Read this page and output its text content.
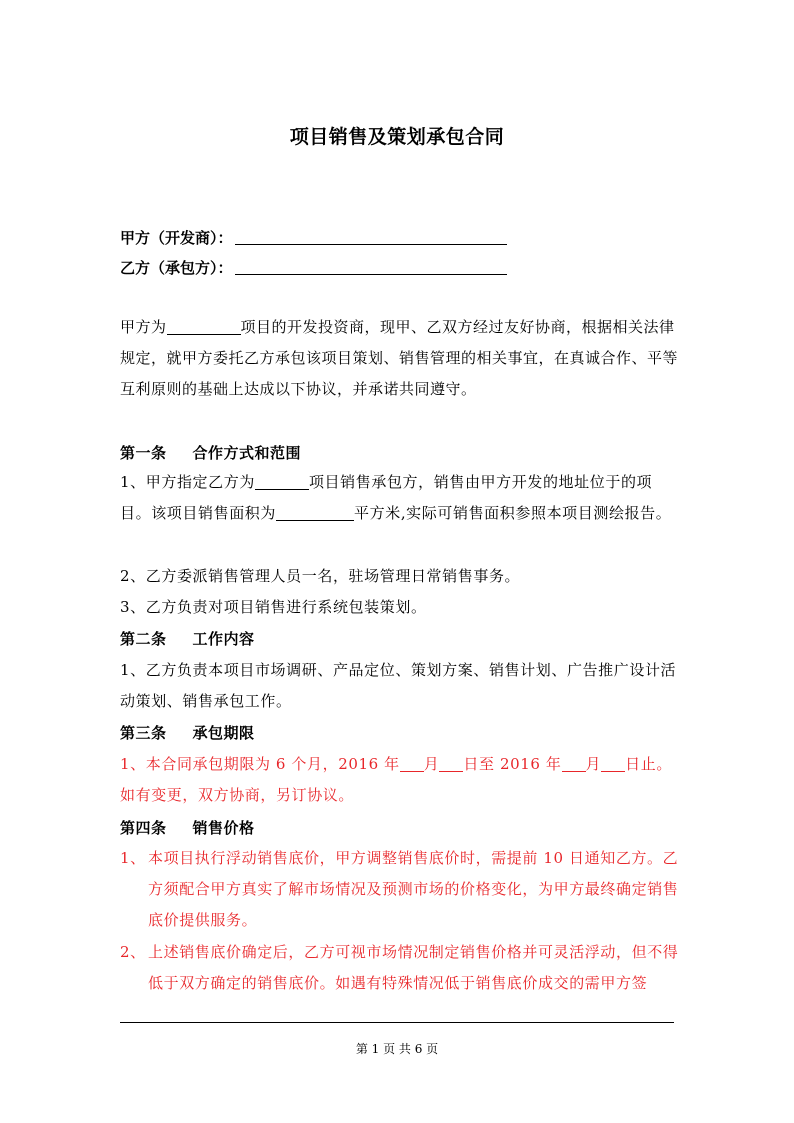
项目销售及策划承包合同
甲方（开发商）：
乙方（承包方）：
甲方为	项目的开发投资商，现甲、乙双方经过友好协商，根据相关法律规定，就甲方委托乙方承包该项目策划、销售管理的相关事宜，在真诚合作、平等互利原则的基础上达成以下协议，并承诺共同遵守。
第一条 合作方式和范围
1、甲方指定乙方为	项目销售承包方，销售由甲方开发的地址位于的项目。该项目销售面积为	平方米,实际可销售面积参照本项目测绘报告。
2、乙方委派销售管理人员一名，驻场管理日常销售事务。
3、乙方负责对项目销售进行系统包装策划。
第二条 工作内容
1、乙方负责本项目市场调研、产品定位、策划方案、销售计划、广告推广设计活动策划、销售承包工作。
第三条 承包期限
1、本合同承包期限为 6 个月，2016 年 月 日至 2016 年 月 日止。如有变更，双方协商，另订协议。
第四条 销售价格
1、 本项目执行浮动销售底价，甲方调整销售底价时，需提前 10 日通知乙方。乙方须配合甲方真实了解市场情况及预测市场的价格变化，为甲方最终确定销售底价提供服务。
2、 上述销售底价确定后，乙方可视市场情况制定销售价格并可灵活浮动，但不得低于双方确定的销售底价。如遇有特殊情况低于销售底价成交的需甲方签
第 1 页 共 6 页
